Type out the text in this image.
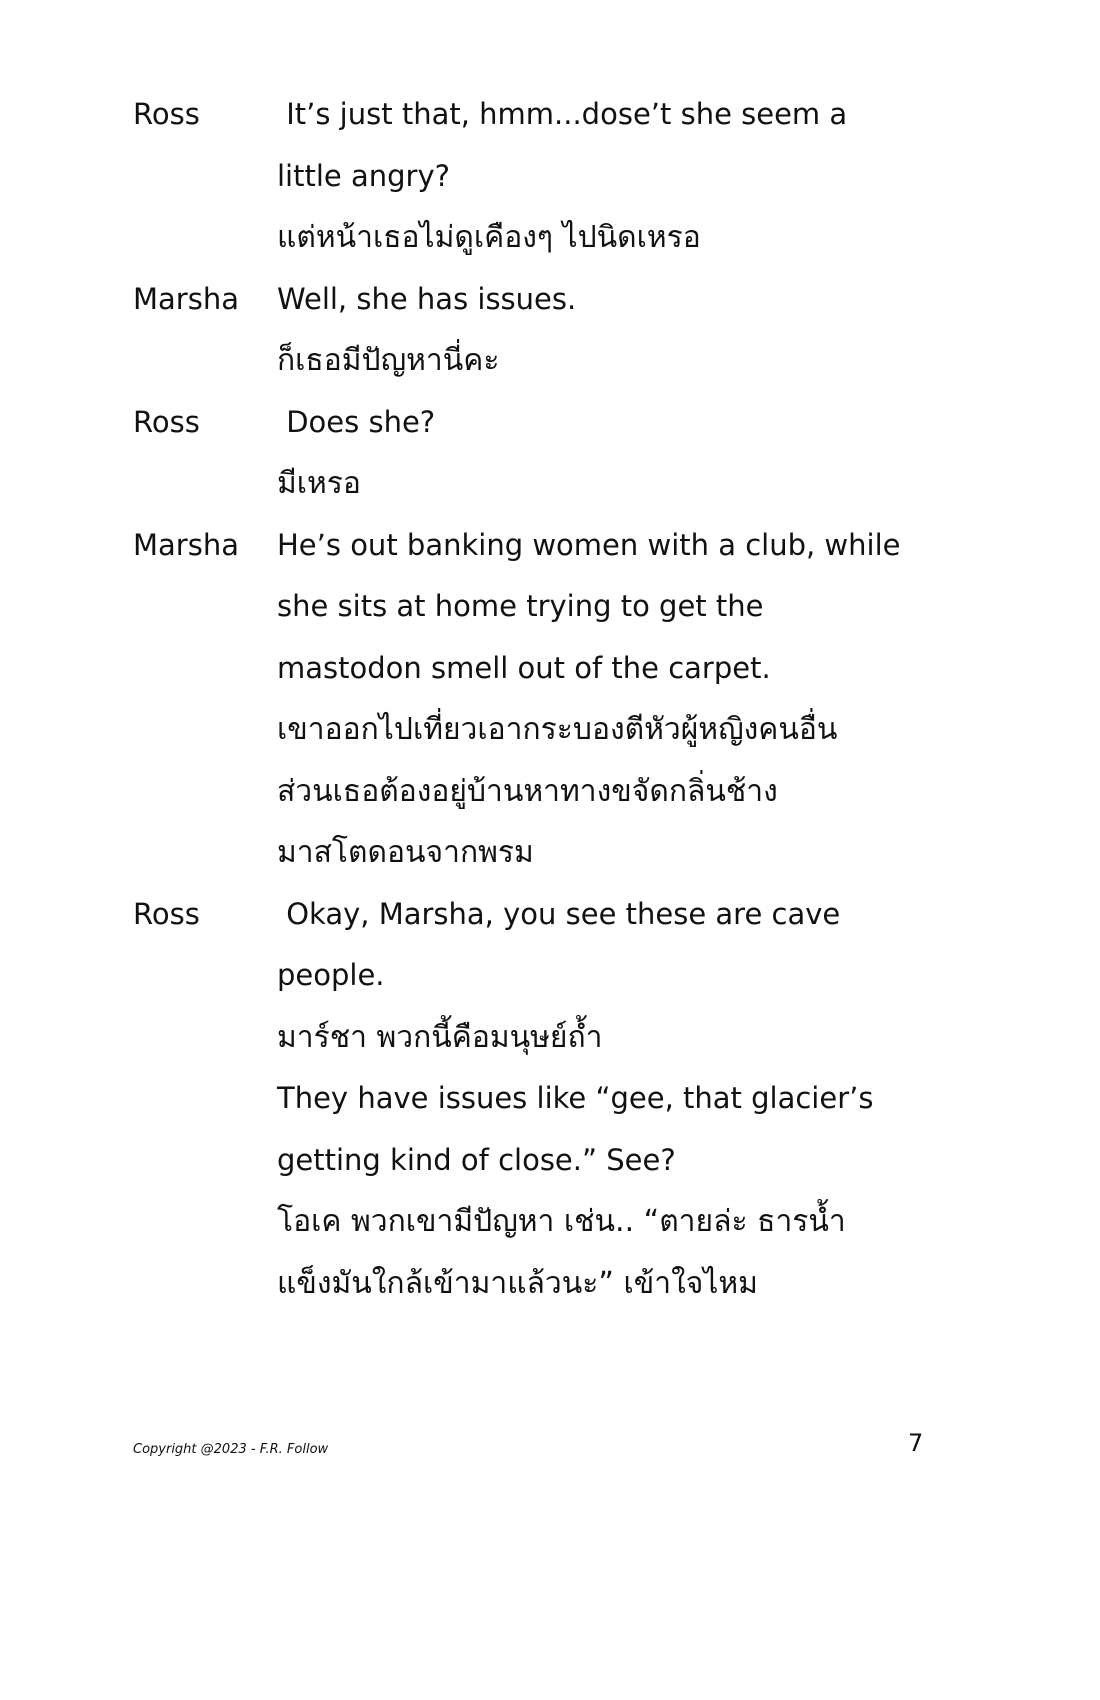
Ross	It’s just that, hmm...dose’t she seem a
little angry?
แต่หน้าเธอไม่ดูเคืองๆ ไปนิดเหรอ
Marsha	Well, she has issues.
ก็เธอมีปัญหานี่คะ
Ross	Does she?
มีเหรอ
Marsha	He’s out banking women with a club, while
she sits at home trying to get the
mastodon smell out of the carpet.
เขาออกไปเที่ยวเอากระบองตีหัวผู้หญิงคนอื่น
ส่วนเธอต้องอยู่บ้านหาทางขจัดกลิ่นช้าง
มาสโตดอนจากพรม
Ross	Okay, Marsha, you see these are cave
people.
มาร์ชา พวกนี้คือมนุษย์ถ้ำ
They have issues like “gee, that glacier’s
getting kind of close.” See?
โอเค พวกเขามีปัญหา เช่น.. “ตายล่ะ ธารน้ำ
แข็งมันใกล้เข้ามาแล้วนะ” เข้าใจไหม
Copyright @2023 - F.R. Follow	7
